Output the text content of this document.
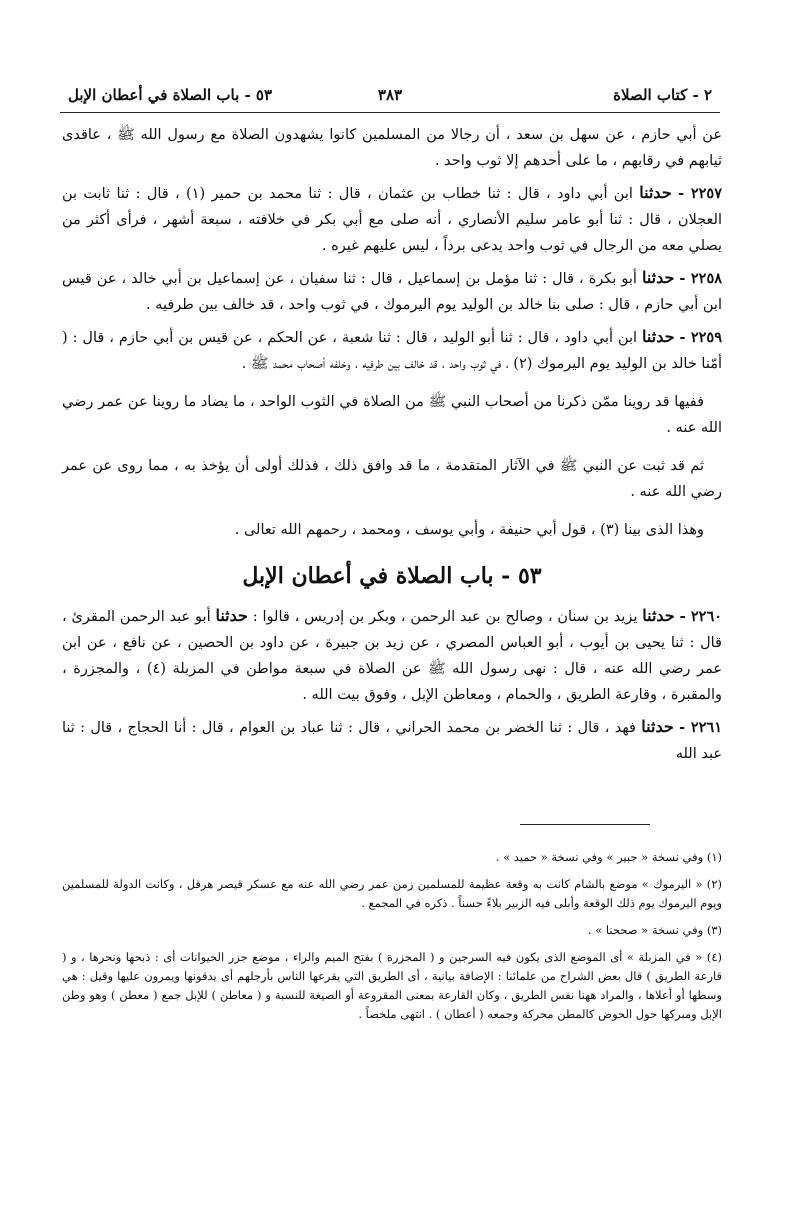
٢ - كتاب الصلاة
٣٨٣
٥٣ - باب الصلاة في أعطان الإبل

عن أبي حازم ، عن سهل بن سعد ، أن رجالا من المسلمين كانوا يشهدون الصلاة مع رسول الله ﷺ ، عاقدى ثيابهم في رقابهم ، ما على أحدهم إلا ثوب واحد .

٢٢٥٧ - حدثنا ابن أبي داود ، قال : ثنا خطاب بن عثمان ، قال : ثنا محمد بن حمير (١) ، قال : ثنا ثابت بن العجلان ، قال : ثنا أبو عامر سليم الأنصاري ، أنه صلى مع أبي بكر في خلافته ، سبعة أشهر ، فرأى أكثر من يصلي معه من الرجال في ثوب واحد يدعى برداً ، ليس عليهم غيره .

٢٢٥٨ - حدثنا أبو بكرة ، قال : ثنا مؤمل بن إسماعيل ، قال : ثنا سفيان ، عن إسماعيل بن أبي خالد ، عن قيس ابن أبي حازم ، قال : صلى بنا خالد بن الوليد يوم اليرموك ، في ثوب واحد ، قد خالف بين طرفيه .

٢٢٥٩ - حدثنا ابن أبي داود ، قال : ثنا أبو الوليد ، قال : ثنا شعبة ، عن الحكم ، عن قيس بن أبي حازم ، قال : ( أمّنا خالد بن الوليد يوم اليرموك (٢) ، في ثوب واحد ، قد خالف بين طرفيه ، وخلفه أصحاب محمد ﷺ .

ففيها قد روينا ممّن ذكرنا من أصحاب النبي ﷺ من الصلاة في الثوب الواحد ، ما يضاد ما روينا عن عمر رضي الله عنه .

ثم قد ثبت عن النبي ﷺ في الآثار المتقدمة ، ما قد وافق ذلك ، فذلك أولى أن يؤخذ به ، مما روى عن عمر رضي الله عنه .

وهذا الذى بينا (٣) ، قول أبي حنيفة ، وأبي يوسف ، ومحمد ، رحمهم الله تعالى .

٥٣ - باب الصلاة في أعطان الإبل

٢٢٦٠ - حدثنا يزيد بن سنان ، وصالح بن عبد الرحمن ، وبكر بن إدريس ، قالوا : حدثنا أبو عبد الرحمن المقرئ ، قال : ثنا يحيى بن أيوب ، أبو العباس المصري ، عن زيد بن جبيرة ، عن داود بن الحصين ، عن نافع ، عن ابن عمر رضي الله عنه ، قال : نهى رسول الله ﷺ عن الصلاة في سبعة مواطن في المزبلة (٤) ، والمجزرة ، والمقبرة ، وقارعة الطريق ، والحمام ، ومعاطن الإبل ، وفوق بيت الله .

٢٢٦١ - حدثنا فهد ، قال : ثنا الخضر بن محمد الحراني ، قال : ثنا عباد بن العوام ، قال : أنا الحجاج ، قال : ثنا عبد الله

(١) وفي نسخة « جبير » وفي نسخة « حميد » .

(٢) « اليرموك » موضع بالشام كانت به وقعة عظيمة للمسلمين زمن عمر رضي الله عنه مع عسكر قيصر هرقل ، وكانت الدولة للمسلمين ويوم اليرموك يوم ذلك الوقعة وأبلى فيه الزبير بلاءً حسناً . ذكره في المجمع .

(٣) وفي نسخة « صححنا » .

(٤) « في المزبلة » أى الموضع الذى يكون فيه السرجين و ( المجزرة ) بفتح الميم والراء ، موضع جزر الحيوانات أى : ذبحها ونحرها ، و ( قارعة الطريق ) قال بعض الشراح من علمائنا : الإضافة بيانية ، أى الطريق التي يقرعها الناس بأرجلهم أى يدقونها ويمرون عليها وقيل : هي وسطها أو أعلاها ، والمراد ههنا نفس الطريق ، وكان القارعة بمعنى المقروعة أو الصيغة للنسبة و ( معاطن ) للإبل جمع ( معطن ) وهو وطن الإبل ومبركها حول الحوض كالمطن محركة وجمعه ( أعطان ) . انتهى ملخصاً .
